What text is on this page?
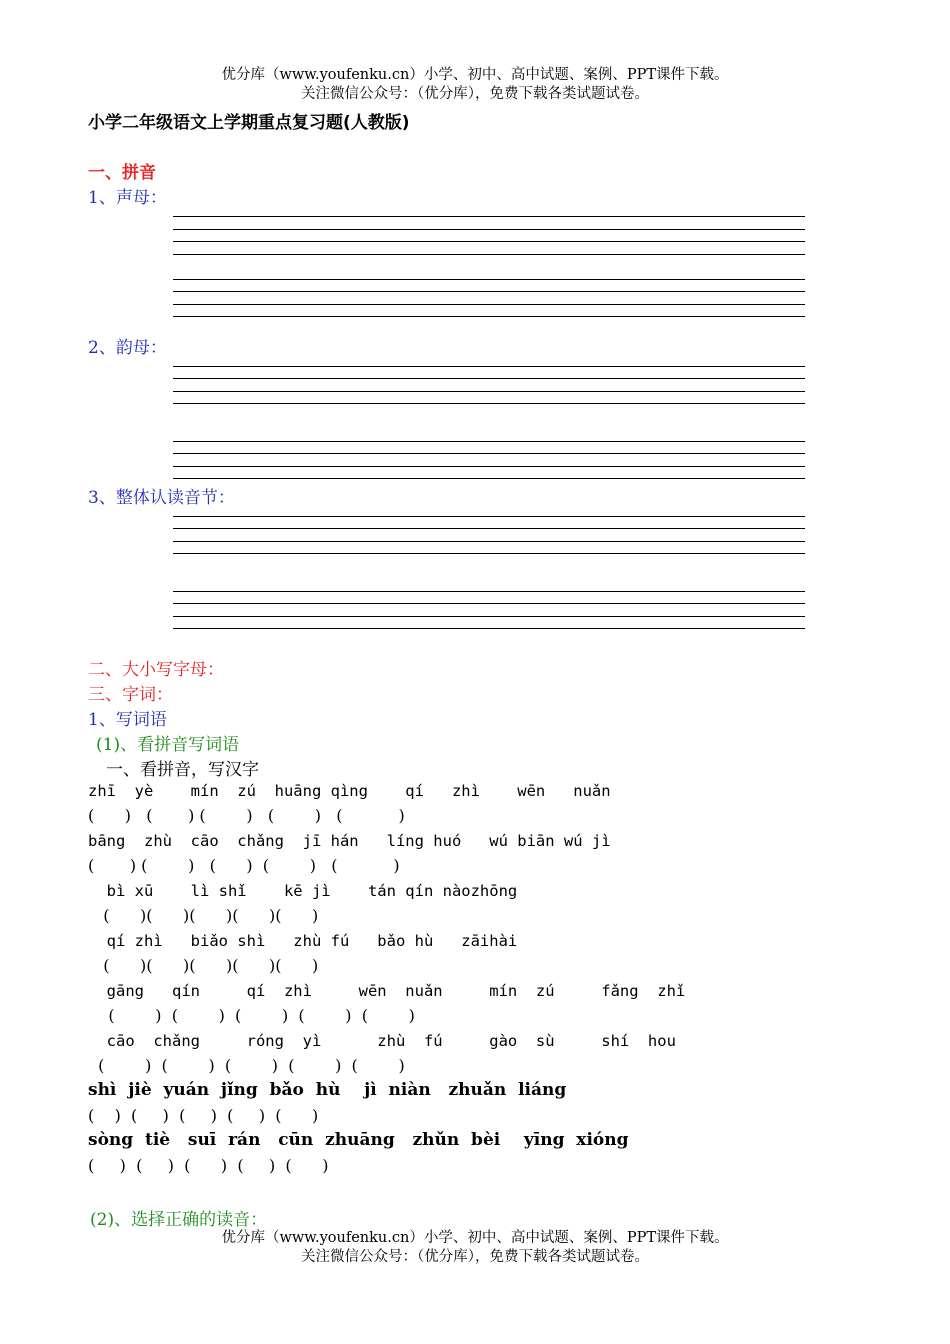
优分库（www.youfenku.cn）小学、初中、高中试题、案例、PPT课件下载。
关注微信公众号：（优分库），免费下载各类试题试卷。
小学二年级语文上学期重点复习题(人教版)
一、拼音
1、声母：
2、韵母：
3、整体认读音节：
二、大小写字母：
三、字词：
1、写词语
(1)、看拼音写词语
一、看拼音，写汉字
zhī  yè    mín  zú  huāng qìng    qí   zhì    wēn   nuǎn
(      )   (       ) (        )   (        )   (           )
bāng  zhù  cāo  chǎng  jī hán   líng huó   wú biān wú jì
(       ) (        )   (      )  (        )   (           )
bì xū    lì shǐ    kē jì    tán qín nàozhōng
(      )(      )(      )(      )(      )
qí zhì   biǎo shì   zhù fú   bǎo hù   zāihài
(      )(      )(      )(      )(      )
gāng   qín     qí  zhì     wēn  nuǎn     mín  zú     fǎng  zhǐ
(        )  (        )  (        )  (        )  (        )
cāo  chǎng     róng  yì      zhù  fú     gào  sù     shí  hou
(        )  (        )  (        )  (        )  (        )
shì  jiè  yuán  jǐng  bǎo  hù    jì  niàn   zhuǎn  liáng
(    )  (     )  (     )  (     )  (      )
sòng  tiè   suī  rán   cūn  zhuāng   zhǔn  bèi    yīng  xióng
(     )  (     )  (      )  (     )  (      )
(2)、选择正确的读音：
优分库（www.youfenku.cn）小学、初中、高中试题、案例、PPT课件下载。
关注微信公众号：（优分库），免费下载各类试题试卷。
